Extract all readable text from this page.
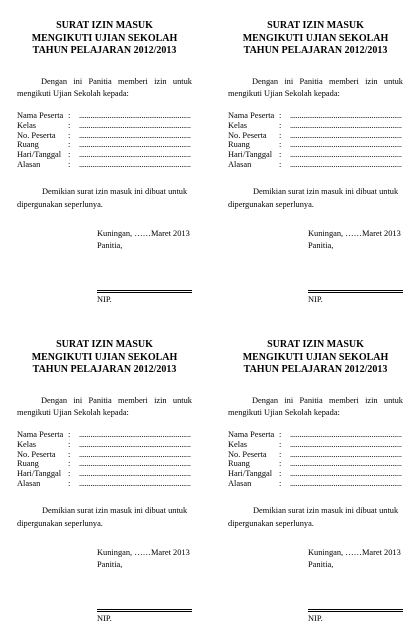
SURAT IZIN MASUK
MENGIKUTI UJIAN SEKOLAH
TAHUN PELAJARAN 2012/2013
Dengan ini Panitia memberi izin untuk
mengikuti Ujian Sekolah kepada:
Nama Peserta :	...........................................................
Kelas	:	...........................................................
No. Peserta	:	...........................................................
Ruang	:	...........................................................
Hari/Tanggal :	...........................................................
Alasan	:	...........................................................
Demikian surat izin masuk ini dibuat untuk
dipergunakan seperlunya.
Kuningan, ……Maret 2013
Panitia,
NIP.
SURAT IZIN MASUK
MENGIKUTI UJIAN SEKOLAH
TAHUN PELAJARAN 2012/2013
Dengan ini Panitia memberi izin untuk
mengikuti Ujian Sekolah kepada:
Nama Peserta :	...........................................................
Kelas	:	...........................................................
No. Peserta	:	...........................................................
Ruang	:	...........................................................
Hari/Tanggal :	...........................................................
Alasan	:	...........................................................
Demikian surat izin masuk ini dibuat untuk
dipergunakan seperlunya.
Kuningan, ……Maret 2013
Panitia,
NIP.
SURAT IZIN MASUK
MENGIKUTI UJIAN SEKOLAH
TAHUN PELAJARAN 2012/2013
Dengan ini Panitia memberi izin untuk
mengikuti Ujian Sekolah kepada:
Nama Peserta :	...........................................................
Kelas	:	...........................................................
No. Peserta	:	...........................................................
Ruang	:	...........................................................
Hari/Tanggal :	...........................................................
Alasan	:	...........................................................
Demikian surat izin masuk ini dibuat untuk
dipergunakan seperlunya.
Kuningan, ……Maret 2013
Panitia,
NIP.
SURAT IZIN MASUK
MENGIKUTI UJIAN SEKOLAH
TAHUN PELAJARAN 2012/2013
Dengan ini Panitia memberi izin untuk
mengikuti Ujian Sekolah kepada:
Nama Peserta :	...........................................................
Kelas	:	...........................................................
No. Peserta	:	...........................................................
Ruang	:	...........................................................
Hari/Tanggal :	...........................................................
Alasan	:	...........................................................
Demikian surat izin masuk ini dibuat untuk
dipergunakan seperlunya.
Kuningan, ……Maret 2013
Panitia,
NIP.
